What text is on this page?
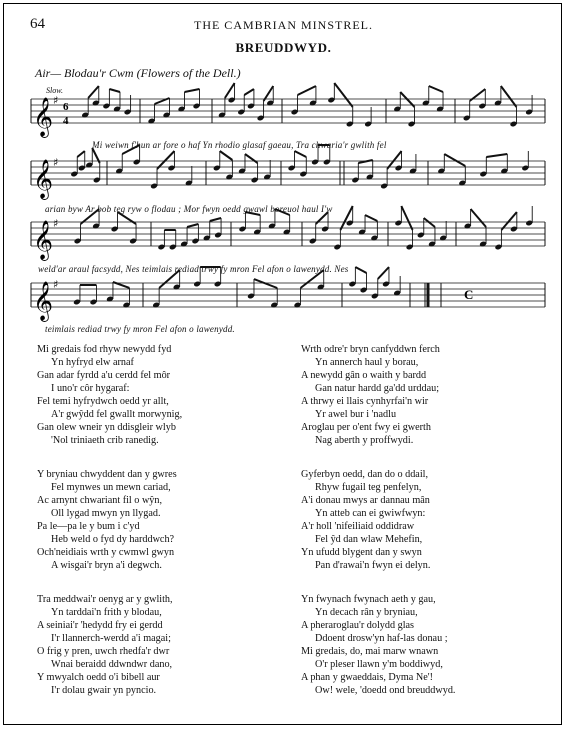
64	THE CAMBRIAN MINSTREL.
BREUDDWYD.
Air— Blodau'r Cwm (Flowers of the Dell.)
Slow.
𝄞 ♯ 6
4
𝄞 ♯
𝄞 ♯
𝄞 ♯
C
Mi weiwn f'hun ar fore o haf Yn rhodio glasaf gaeau, Tra chwaria'r gwlith fel
arian byw Ar bob teg ryw o flodau ; Mor fwyn oedd gwawl boreuol haul I'w
weld'ar araul facsydd, Nes teimlais rediad trwy fy mron Fel afon o lawenydd. Nes
teimlais rediad trwy fy mron Fel afon o lawenydd.
Mi gredais fod rhyw newydd fyd
Yn hyfryd elw arnaf
Gan adar fyrdd a'u cerdd fel môr
I uno'r côr hygaraf:
Fel temi hyfrydwch oedd yr allt,
A'r gwŷdd fel gwallt morwynig,
Gan olew wneir yn ddisgleir wlyb
'Nol triniaeth crib ranedig.
Y bryniau chwyddent dan y gwres
Fel mynwes un mewn cariad,
Ac arnynt chwariant fil o wŷn,
Oll lygad mwyn yn llygad.
Pa le—pa le y bum i c'yd
Heb weld o fyd dy harddwch?
Och'neidiais wrth y cwmwl gwyn
A wisgai'r bryn a'i degwch.
Tra meddwai'r oenyg ar y gwlith,
Yn tarddai'n frith y blodau,
A seiniai'r 'hedydd fry ei gerdd
I'r llannerch-werdd a'i magai;
O frig y pren, uwch rhedfa'r dwr
Wnai beraidd ddwndwr dano,
Y mwyalch oedd o'i bibell aur
I'r dolau gwair yn pyncio.
Wrth odre'r bryn canfyddwn ferch
Yn annerch haul y borau,
A newydd gân o waith y bardd
Gan natur hardd ga'dd urddau;
A thrwy ei llais cynhyrfai'n wir
Yr awel bur i 'nadlu
Aroglau per o'ent fwy ei gwerth
Nag aberth y proffwydi.
Gyferbyn oedd, dan do o ddail,
Rhyw fugail teg penfelyn,
A'i donau mwys ar dannau mân
Yn atteb can ei gwiwfwyn:
A'r holl 'nifeiliaid oddidraw
Fel ŷd dan wlaw Mehefin,
Yn ufudd blygent dan y swyn
Pan d'rawai'n fwyn ei delyn.
Yn fwynach fwynach aeth y gau,
Yn decach rân y bryniau,
A pheraroglau'r dolydd glas
Ddoent drosw'yn haf-las donau ;
Mi gredais, do, mai marw wnawn
O'r pleser llawn y'm boddiwyd,
A phan y gwaeddais, Dyma Ne'!
Ow! wele, 'doedd ond breuddwyd.
